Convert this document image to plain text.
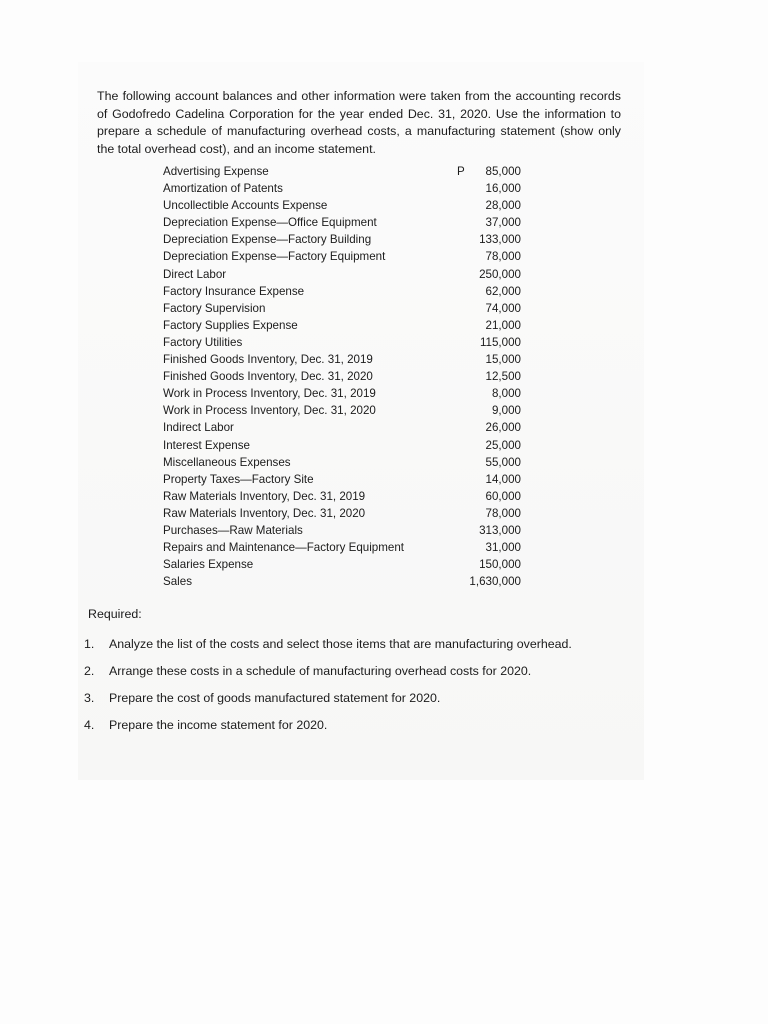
The following account balances and other information were taken from the accounting records of Godofredo Cadelina Corporation for the year ended Dec. 31, 2020. Use the information to prepare a schedule of manufacturing overhead costs, a manufacturing statement (show only the total overhead cost), and an income statement.

Advertising Expense	P 85,000
Amortization of Patents	16,000
Uncollectible Accounts Expense	28,000
Depreciation Expense—Office Equipment	37,000
Depreciation Expense—Factory Building	133,000
Depreciation Expense—Factory Equipment	78,000
Direct Labor	250,000
Factory Insurance Expense	62,000
Factory Supervision	74,000
Factory Supplies Expense	21,000
Factory Utilities	115,000
Finished Goods Inventory, Dec. 31, 2019	15,000
Finished Goods Inventory, Dec. 31, 2020	12,500
Work in Process Inventory, Dec. 31, 2019	8,000
Work in Process Inventory, Dec. 31, 2020	9,000
Indirect Labor	26,000
Interest Expense	25,000
Miscellaneous Expenses	55,000
Property Taxes—Factory Site	14,000
Raw Materials Inventory, Dec. 31, 2019	60,000
Raw Materials Inventory, Dec. 31, 2020	78,000
Purchases—Raw Materials	313,000
Repairs and Maintenance—Factory Equipment	31,000
Salaries Expense	150,000
Sales	1,630,000
Required:
1. Analyze the list of the costs and select those items that are manufacturing overhead.
2. Arrange these costs in a schedule of manufacturing overhead costs for 2020.
3. Prepare the cost of goods manufactured statement for 2020.
4. Prepare the income statement for 2020.
